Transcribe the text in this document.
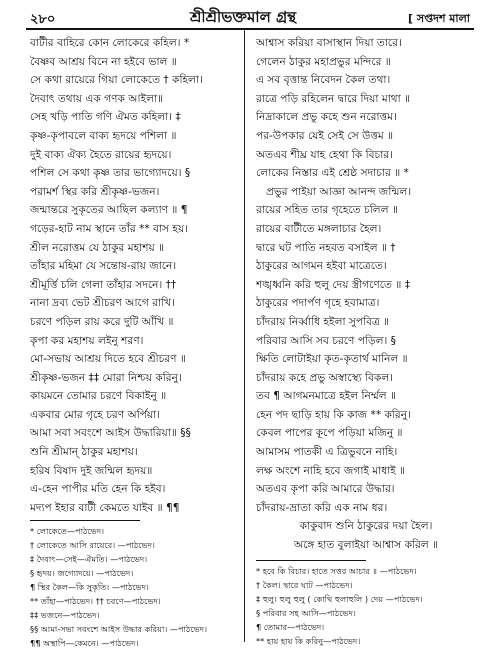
২৮০	শ্রীশ্রীভক্তমাল গ্রন্থ	[ সপ্তদশ মালা
বাটীর বাহিরে কোন লোকেরে কহিল। *
বৈষ্ণব আশ্রয় বিনে না হইবে ভাল ॥
সে কথা রায়েরে গিয়া লোকেতে † কহিলা।
দৈবাৎ তথায় এক গণক আইলা॥
সেহ খড়ি পাতি গণি ঐমত কহিলা। ‡
কৃষ্ণ-কৃপাবলে বাক্য হৃদয়ে পশিলা ॥
দুই বাক্য ঐক্য হৈতে রায়ের হৃদয়ে।
পশিল সে কথা কৃষ্ণ তার ভাগ্যোদয়ে। §
পরামর্শ স্থির করি শ্রীকৃষ্ণ-ভজন।
জন্মান্তরে সুকৃতের আছিল কল্যাণ ॥ ¶
গড়ের-হাট নাম স্থানে তাঁর ** বাস হয়।
শ্রীল নরোত্তম যে ঠাকুর মহাশয় ॥
তাঁহার মহিমা যে সন্তোষ-রায় জানে।
শ্রীমূর্ত্তি চলি গেলা তাঁহার সদনে। ††
নানা দ্রব্য ভেট শ্রীচরণ আগে রাখি।
চরণে পড়িল রায় করে দুটি আঁখি ॥
কৃপা কর মহাশয় লইনু শরণ।
মো-সভায় আশ্রয় দিতে হবে শ্রীচরণ ॥
শ্রীকৃষ্ণ-ভজন ‡‡ মোরা নিশ্চয় করিনু।
কায়মনে তোমার চরণে বিকাইনু ॥
একবার মোর গৃহে চরণ অর্পিয়া।
আমা সবা সবংশে আইস উদ্ধারিয়া॥ §§
শুনি শ্রীমান্ ঠাকুর মহাশয়।
হরিষ বিষাদ দুই জন্মিল হৃদয়॥
এ-হেন পাপীর মতি হেন কি হইব।
মদ্যপ ইহার বাটী কেমতে যাইব ॥ ¶¶
আশ্বাস করিয়া বাসাস্থান দিয়া তারে।
গেলেন ঠাকুর মহাপ্রভুর মন্দিরে ॥
এ সব বৃত্তান্ত নিবেদন কৈল তথা।
রাত্রে পড়ি রহিলেন দ্বারে দিয়া মাথা ॥
নিদ্রাকালে প্রভু কহে শুন নরোত্তম।
পর-উপকার যেই সেই সে উত্তম ॥
অতএব শীঘ্র যাহ হেথা কি বিচার।
লোকের নিস্তার এই শ্রেষ্ঠ সদাচার ॥ *
প্রভুর পাইয়া আজ্ঞা আনন্দ জন্মিল।
রায়ের সহিত তার গৃহেতে চলিল ॥
রায়ের বাটীতে মঙ্গলাচার হৈল।
দ্বারে ঘট পাতি নহবত বসাইল ॥ †
ঠাকুরের আগমন হইবা মাত্রেতে।
শঙ্খধ্বনি করি হুলু দেয় স্ত্রীগণেতে ॥ ‡
ঠাকুরের পদার্পণ গৃহে হবামাত্র।
চাঁদরায় নির্ব্বাধি হইলা সুপবিত্র ॥
পরিবার আসি সব চরণে পড়িল। §
ক্ষিতি লোটাইয়া কৃত-কৃতার্থ মানিল ॥
চাঁদরায় কহে প্রভু অস্বাস্থ্যে বিকল।
তব ¶ আগমনমাত্রে হইল নির্ম্মল ॥
হেন পদ ছাড়ি হায় কি কাজ ** করিনু।
কেবল পাপের কূপে পড়িয়া মজিনু ॥
আমাসম পাতকী এ ত্রিভুবনে নাহি।
লক্ষ অংশে নাহি হবে জগাই মাধাই ॥
অতএব কৃপা করি আমারে উদ্ধার।
চাঁদরায়-ভ্রাতা করি এক নাম ধর।
কাকুবাদ শুনি ঠাকুরের দয়া হৈল।
অঙ্গে হাত বুলাইয়া আশ্বাস করিল ॥
* লোকেতে—পাঠভেদ।
† লোকেতে আসি রায়েরে। —পাঠভেদ।
‡ দৈবাৎ—সেই—ঐমতি। —পাঠভেদ।
§ হৃদয়। জগ্যোদয়ে। —পাঠভেদ।
¶ স্থির কৈল—কি সুকৃতি। —পাঠভেদ।
** তাঁহা—পাঠভেদ। †† চরণে—পাঠভেদ।
‡‡ ভজনে—পাঠভেদ।
§§ আমা-সভা সবংশে আইস উদ্ধার করিয়া। —পাঠভেদ।
¶¶ অস্থাপি—কেমনে। —পাঠভেদ।
* হবে কি বিচার। হাতে সত্তর আচার ॥ —পাঠভেদ।
† কৈল। দ্বারে ঘাট —পাঠভেদ।
‡ হুলু। হুলু হুলু ( কোথি হুলাহুলি ) দেয় —পাঠভেদ।
§ পরিবার সহ আসি—পাঠভেদ।
¶ তোমার—পাঠভেদ।
** হায় হায় কি করিনু—পাঠভেদ।
